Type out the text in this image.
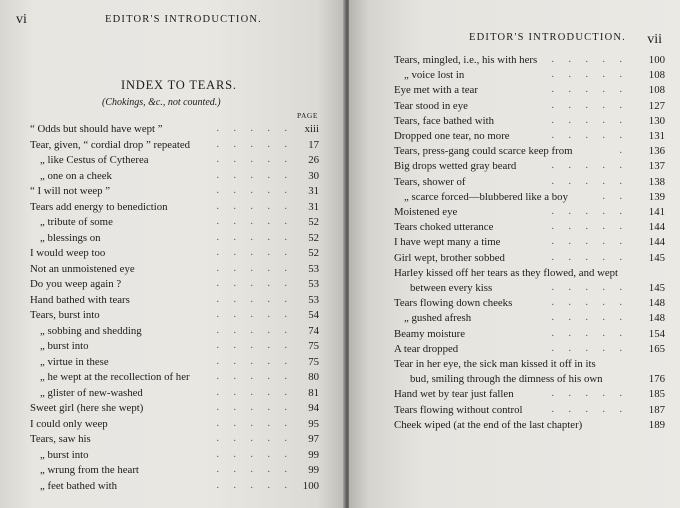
vi	EDITOR'S INTRODUCTION.
INDEX TO TEARS.
(Chokings, &c., not counted.)
PAGE
“ Odds but should have wept ”	. . . . .	xiii
Tear, given, “ cordial drop ” repeated	. . . . .	17
„ like Cestus of Cytherea	. . . . .	26
„ one on a cheek	. . . . .	30
“ I will not weep ”	. . . . .	31
Tears add energy to benediction	. . . . .	31
„ tribute of some	. . . . .	52
„ blessings on	. . . . .	52
I would weep too	. . . . .	52
Not an unmoistened eye	. . . . .	53
Do you weep again ?	. . . . .	53
Hand bathed with tears	. . . . .	53
Tears, burst into	. . . . .	54
„ sobbing and shedding	. . . . .	74
„ burst into	. . . . .	75
„ virtue in these	. . . . .	75
„ he wept at the recollection of her	. . . . .	80
„ glister of new-washed	. . . . .	81
Sweet girl (here she wept)	. . . . .	94
I could only weep	. . . . .	95
Tears, saw his	. . . . .	97
„ burst into	. . . . .	99
„ wrung from the heart	. . . . .	99
„ feet bathed with	. . . . . 100
EDITOR'S INTRODUCTION. vii
Tears, mingled, i.e., his with hers . . . . .	100
„ voice lost in	. . . . .	108
Eye met with a tear	. . . . .	108
Tear stood in eye	. . . . .	127
Tears, face bathed with	. . . . .	130
Dropped one tear, no more	. . . . .	131
Tears, press-gang could scarce keep from	.	136
Big drops wetted gray beard	. . . . .	137
Tears, shower of	. . . . .	138
„ scarce forced—blubbered like a boy	. .	139
Moistened eye	. . . . .	141
Tears choked utterance	. . . . .	144
I have wept many a time	. . . . .	144
Girl wept, brother sobbed	. . . . .	145
Harley kissed off her tears as they flowed, and wept
between every kiss	. . . . .	145
Tears flowing down cheeks	. . . . .	148
„ gushed afresh	. . . . .	148
Beamy moisture	. . . . .	154
A tear dropped	. . . . .	165
Tear in her eye, the sick man kissed it off in its
bud, smiling through the dimness of his own	176
Hand wet by tear just fallen	. . . . .	185
Tears flowing without control	. . . . .	187
Cheek wiped (at the end of the last chapter)	189
